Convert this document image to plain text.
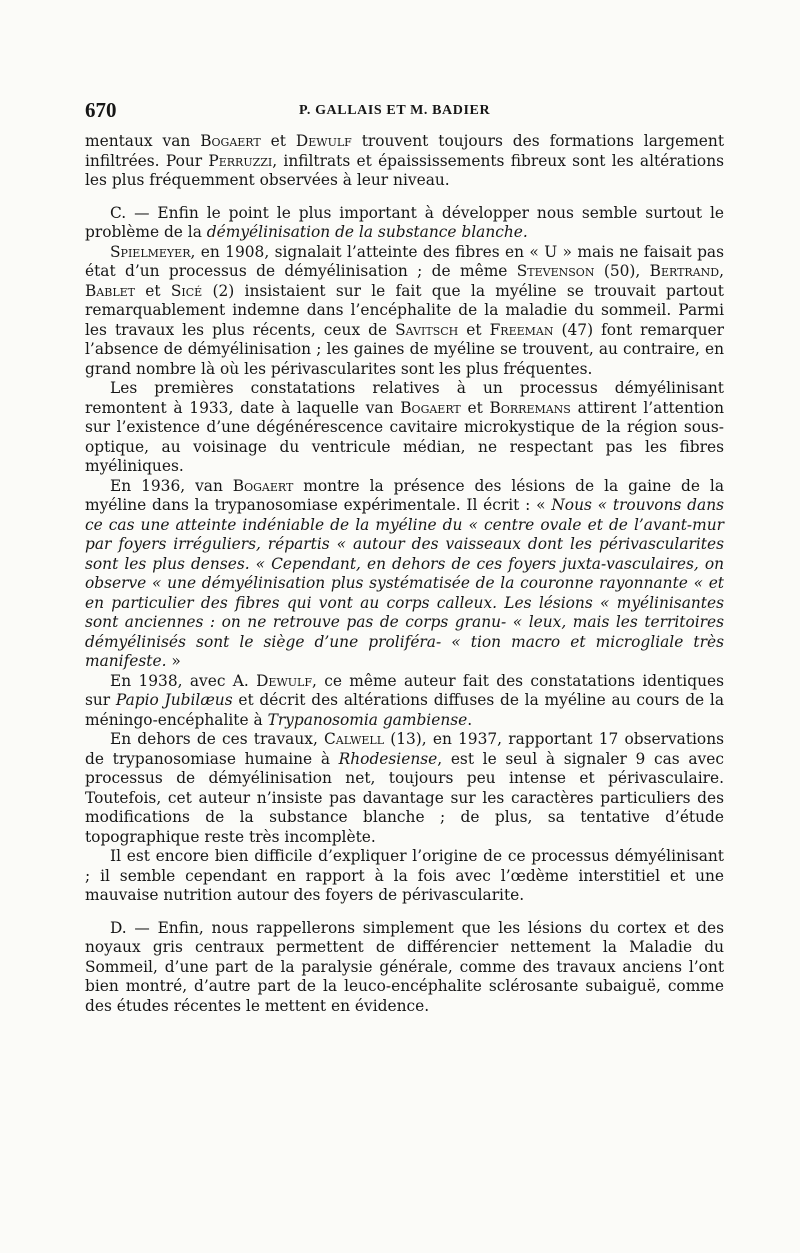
670	P. GALLAIS ET M. BADIER

mentaux van Bogaert et Dewulf trouvent toujours des formations largement infiltrées. Pour Perruzzi, infiltrats et épaississements fibreux sont les altérations les plus fréquemment observées à leur niveau.

C. — Enfin le point le plus important à développer nous semble surtout le problème de la démyélinisation de la substance blanche.

Spielmeyer, en 1908, signalait l’atteinte des fibres en « U » mais ne faisait pas état d’un processus de démyélinisation ; de même Stevenson (50), Bertrand, Bablet et Sicé (2) insistaient sur le fait que la myéline se trouvait partout remarquablement indemne dans l’encéphalite de la maladie du sommeil. Parmi les travaux les plus récents, ceux de Savitsch et Freeman (47) font remarquer l’absence de démyélinisation ; les gaines de myéline se trouvent, au contraire, en grand nombre là où les périvascularites sont les plus fréquentes.

Les premières constatations relatives à un processus démyélinisant remontent à 1933, date à laquelle van Bogaert et Borremans attirent l’attention sur l’existence d’une dégénérescence cavitaire microkystique de la région sous-optique, au voisinage du ventricule médian, ne respectant pas les fibres myéliniques.

En 1936, van Bogaert montre la présence des lésions de la gaine de la myéline dans la trypanosomiase expérimentale. Il écrit : « Nous « trouvons dans ce cas une atteinte indéniable de la myéline du « centre ovale et de l’avant-mur par foyers irréguliers, répartis « autour des vaisseaux dont les périvascularites sont les plus denses. « Cependant, en dehors de ces foyers juxta-vasculaires, on observe « une démyélinisation plus systématisée de la couronne rayonnante « et en particulier des fibres qui vont au corps calleux. Les lésions « myélinisantes sont anciennes : on ne retrouve pas de corps granu- « leux, mais les territoires démyélinisés sont le siège d’une proliféra- « tion macro et microgliale très manifeste. »

En 1938, avec A. Dewulf, ce même auteur fait des constatations identiques sur Papio Jubilæus et décrit des altérations diffuses de la myéline au cours de la méningo-encéphalite à Trypanosomia gambiense.

En dehors de ces travaux, Calwell (13), en 1937, rapportant 17 observations de trypanosomiase humaine à Rhodesiense, est le seul à signaler 9 cas avec processus de démyélinisation net, toujours peu intense et périvasculaire. Toutefois, cet auteur n’insiste pas davantage sur les caractères particuliers des modifications de la substance blanche ; de plus, sa tentative d’étude topographique reste très incomplète.

Il est encore bien difficile d’expliquer l’origine de ce processus démyélinisant ; il semble cependant en rapport à la fois avec l’œdème interstitiel et une mauvaise nutrition autour des foyers de périvascularite.

D. — Enfin, nous rappellerons simplement que les lésions du cortex et des noyaux gris centraux permettent de différencier nettement la Maladie du Sommeil, d’une part de la paralysie générale, comme des travaux anciens l’ont bien montré, d’autre part de la leuco-encéphalite sclérosante subaiguë, comme des études récentes le mettent en évidence.
